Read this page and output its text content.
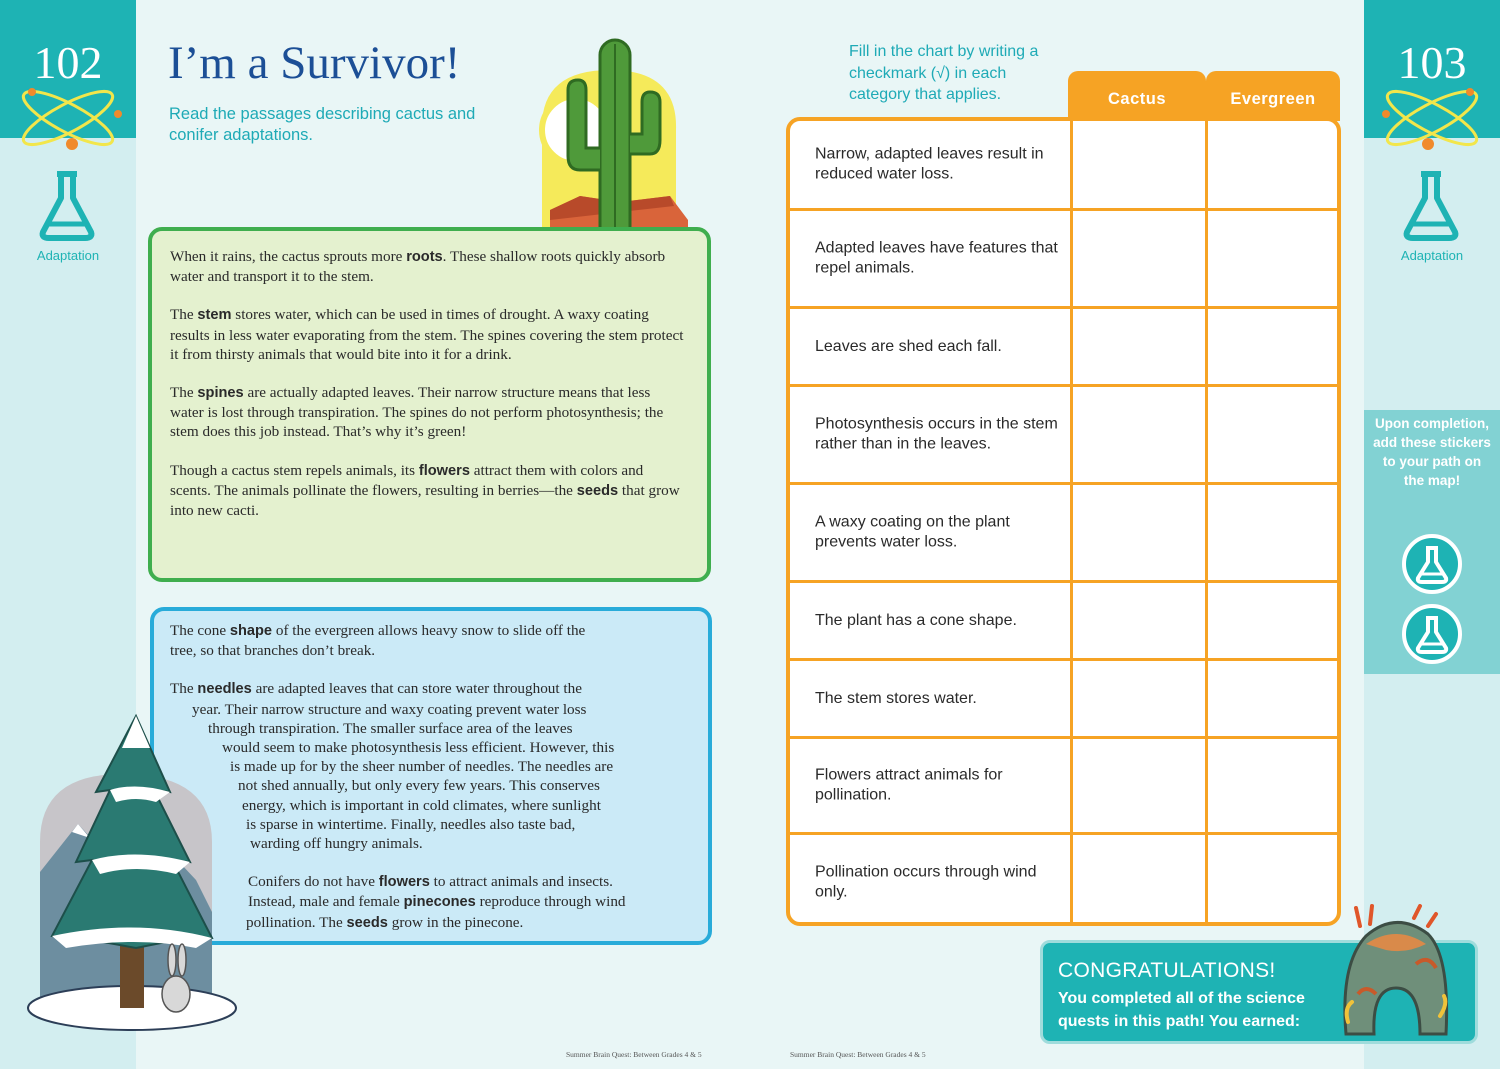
102
Adaptation
103
Adaptation
Upon completion, add these stickers to your path on the map!
I’m a Survivor!
Read the passages describing cactus and conifer adaptations.

When it rains, the cactus sprouts more roots. These shallow roots quickly absorb water and transport it to the stem.

The stem stores water, which can be used in times of drought. A waxy coating results in less water evaporating from the stem. The spines covering the stem protect it from thirsty animals that would bite into it for a drink.

The spines are actually adapted leaves. Their narrow structure means that less water is lost through transpiration. The spines do not perform photosynthesis; the stem does this job instead. That’s why it’s green!

Though a cactus stem repels animals, its flowers attract them with colors and scents. The animals pollinate the flowers, resulting in berries—the seeds that grow into new cacti.

The cone shape of the evergreen allows heavy snow to slide off the
tree, so that branches don’t break.

The needles are adapted leaves that can store water throughout the
year. Their narrow structure and waxy coating prevent water loss
through transpiration. The smaller surface area of the leaves
would seem to make photosynthesis less efficient. However, this
is made up for by the sheer number of needles. The needles are
not shed annually, but only every few years. This conserves
energy, which is important in cold climates, where sunlight
is sparse in wintertime. Finally, needles also taste bad,
warding off hungry animals.

Conifers do not have flowers to attract animals and insects.
Instead, male and female pinecones reproduce through wind
pollination. The seeds grow in the pinecone.

Fill in the chart by writing a checkmark (√) in each category that applies.	Cactus	Evergreen
Narrow, adapted leaves result in reduced water loss.
Adapted leaves have features that repel animals.
Leaves are shed each fall.
Photosynthesis occurs in the stem rather than in the leaves.
A waxy coating on the plant prevents water loss.
The plant has a cone shape.
The stem stores water.
Flowers attract animals for pollination.
Pollination occurs through wind only.
CONGRATULATIONS!
You completed all of the science quests in this path! You earned:
Summer Brain Quest: Between Grades 4 & 5	Summer Brain Quest: Between Grades 4 & 5
